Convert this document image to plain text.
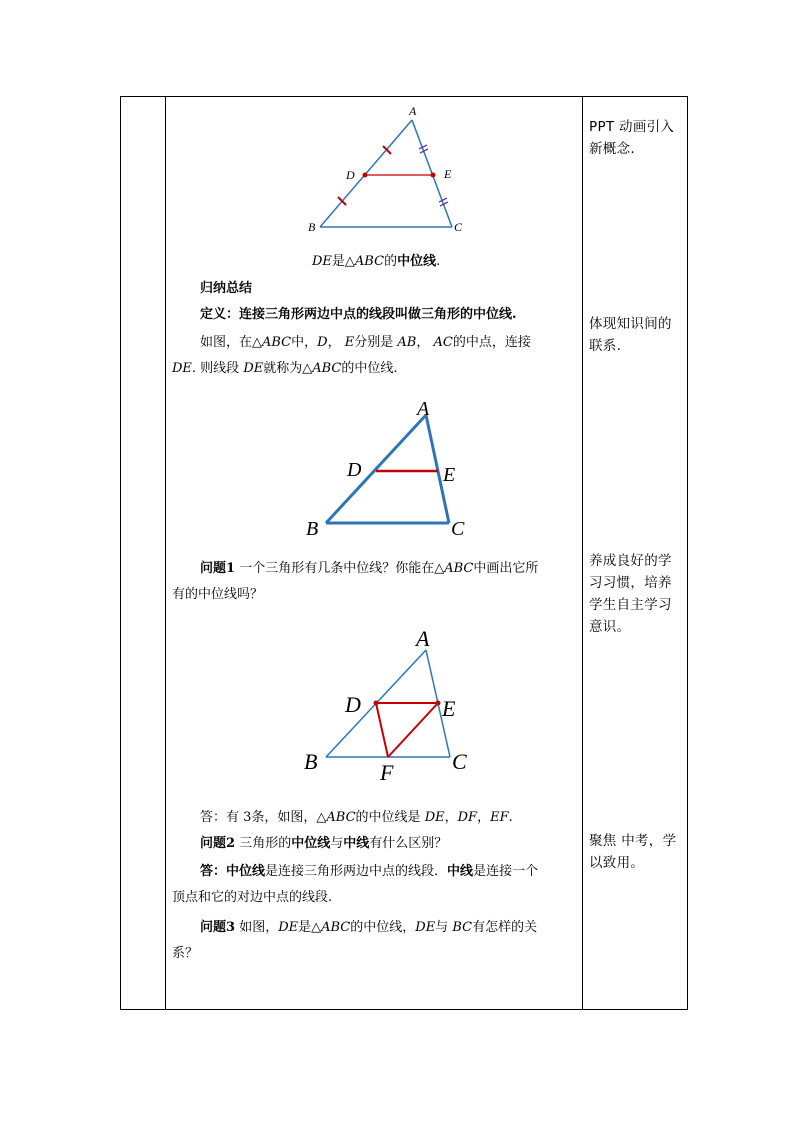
A
B	C
D	E
DE是△ABC的中位线.
归纳总结
定义：连接三角形两边中点的线段叫做三角形的中位线.
如图，在△ABC中，D， E分别是 AB， AC的中点，连接
DE. 则线段 DE就称为△ABC的中位线.
A
B	C
D	E
问题1 一个三角形有几条中位线？你能在△ABC中画出它所
有的中位线吗？
A
B	C
D	E
F
答：有 3条，如图，△ABC的中位线是 DE，DF，EF.
问题2 三角形的中位线与中线有什么区别？
答：中位线是连接三角形两边中点的线段．中线是连接一个
顶点和它的对边中点的线段.
问题3 如图，DE是△ABC的中位线，DE与 BC有怎样的关
系？
PPT 动画引入
新概念.
体现知识间的
联系.
养成良好的学
习习惯，培养
学生自主学习
意识。
聚焦 中考，学
以致用。
